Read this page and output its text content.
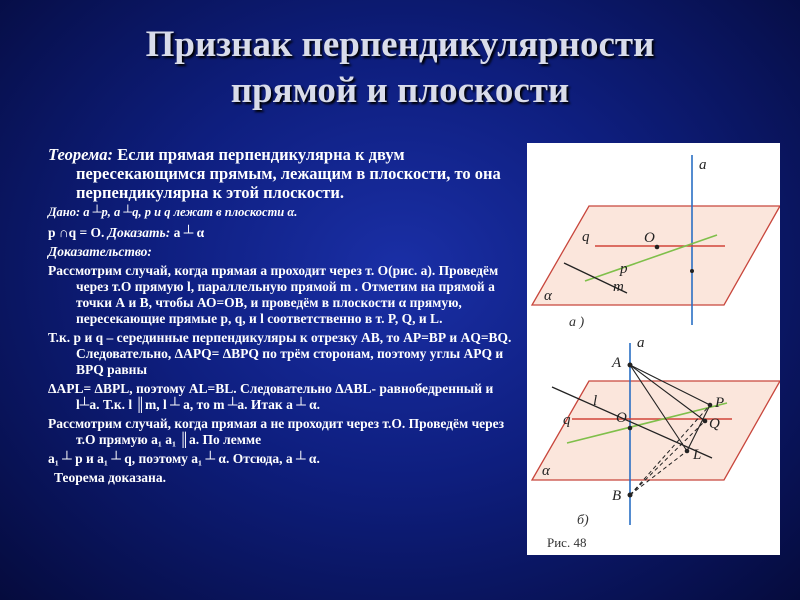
Признак перпендикулярности
прямой и плоскости
Теорема: Если прямая перпендикулярна к двум пересекающимся прямым, лежащим в плоскости, то она перпендикулярна к этой плоскости.
Дано: a ┴p, a ┴q, p и q лежат в плоскости α.
p ∩q = O. Доказать: a ┴ α
Доказательство:
Рассмотрим случай, когда прямая a проходит через т. O(рис. а). Проведём через т.O прямую l, параллельную прямой m . Отметим на прямой a точки А и В, чтобы АО=ОВ, и проведём в плоскости α прямую, пересекающие прямые p, q, и l соответственно в т. P, Q, и L.
Т.к. p и q – серединные перпендикуляры к отрезку АВ, то АР=ВР и AQ=BQ. Следовательно, ΔАРQ= ΔBPQ по трём сторонам, поэтому углы APQ и BPQ равны
ΔAPL= ΔBPL, поэтому AL=BL. Следовательно ΔABL- равнобедренный и l┴a. Т.к. l ║m, l ┴ a, то m ┴a. Итак a ┴ α.
Рассмотрим случай, когда прямая a не проходит через т.O. Проведём через т.O прямую a₁ a₁ ║a. По лемме
a₁ ┴ p и a₁ ┴ q, поэтому a₁ ┴ α. Отсюда, a ┴ α.
Теорема доказана.
a
q	O
p
m
α
а )
a
A
l
q	O
P
Q
L
α
B
б)
Рис. 48
